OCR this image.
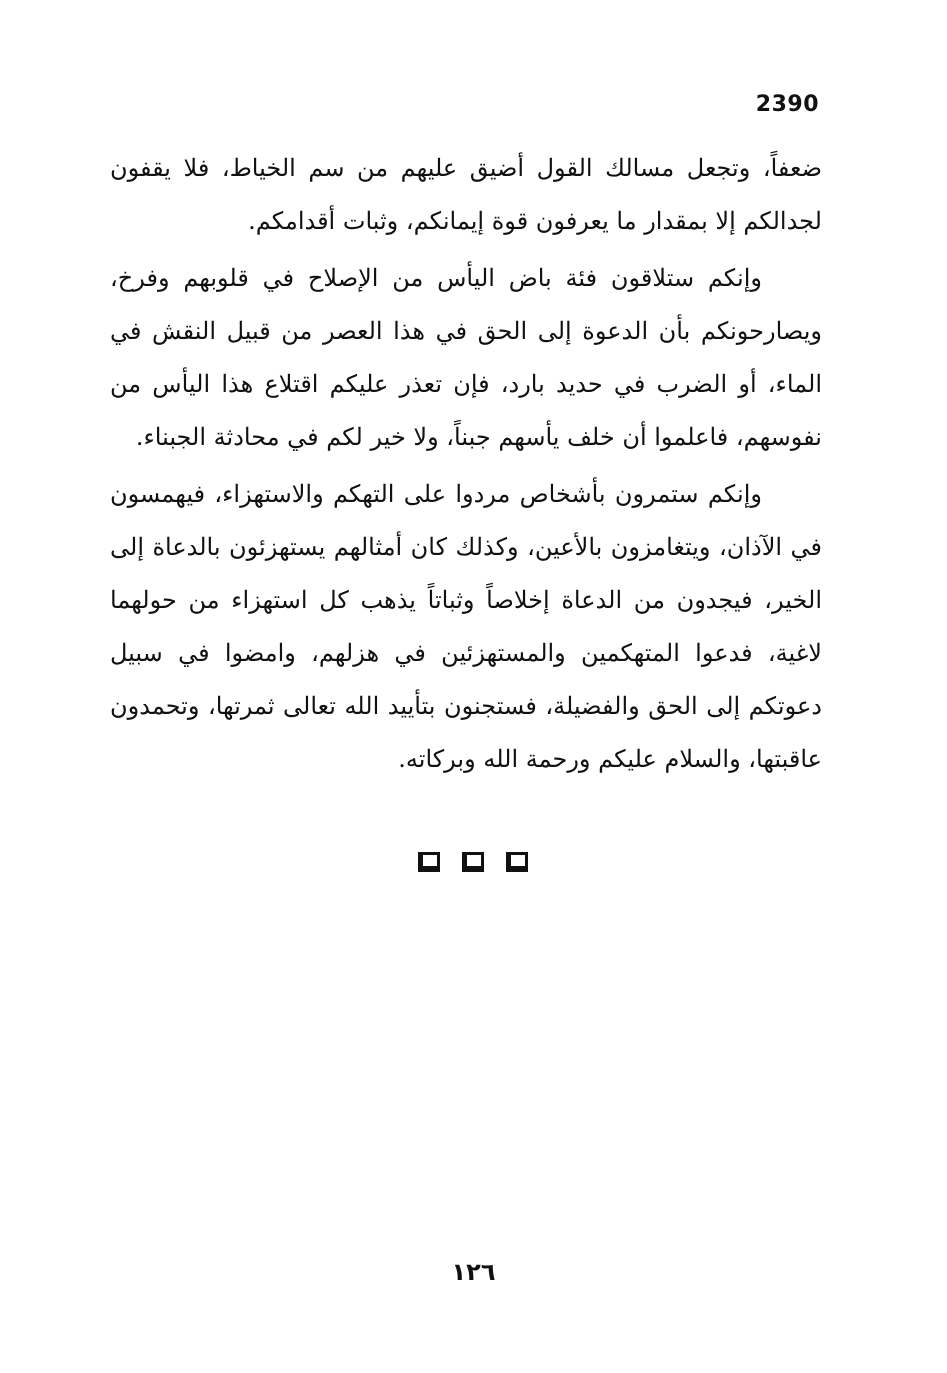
2390

ضعفاً، وتجعل مسالك القول أضيق عليهم من سم الخياط، فلا يقفون لجدالكم إلا بمقدار ما يعرفون قوة إيمانكم، وثبات أقدامكم.

وإنكم ستلاقون فئة باض اليأس من الإصلاح في قلوبهم وفرخ، ويصارحونكم بأن الدعوة إلى الحق في هذا العصر من قبيل النقش في الماء، أو الضرب في حديد بارد، فإن تعذر عليكم اقتلاع هذا اليأس من نفوسهم، فاعلموا أن خلف يأسهم جبناً، ولا خير لكم في محادثة الجبناء.

وإنكم ستمرون بأشخاص مردوا على التهكم والاستهزاء، فيهمسون في الآذان، ويتغامزون بالأعين، وكذلك كان أمثالهم يستهزئون بالدعاة إلى الخير، فيجدون من الدعاة إخلاصاً وثباتاً يذهب كل استهزاء من حولهما لاغية، فدعوا المتهكمين والمستهزئين في هزلهم، وامضوا في سبيل دعوتكم إلى الحق والفضيلة، فستجنون بتأييد الله تعالى ثمرتها، وتحمدون عاقبتها، والسلام عليكم ورحمة الله وبركاته.

١٢٦
